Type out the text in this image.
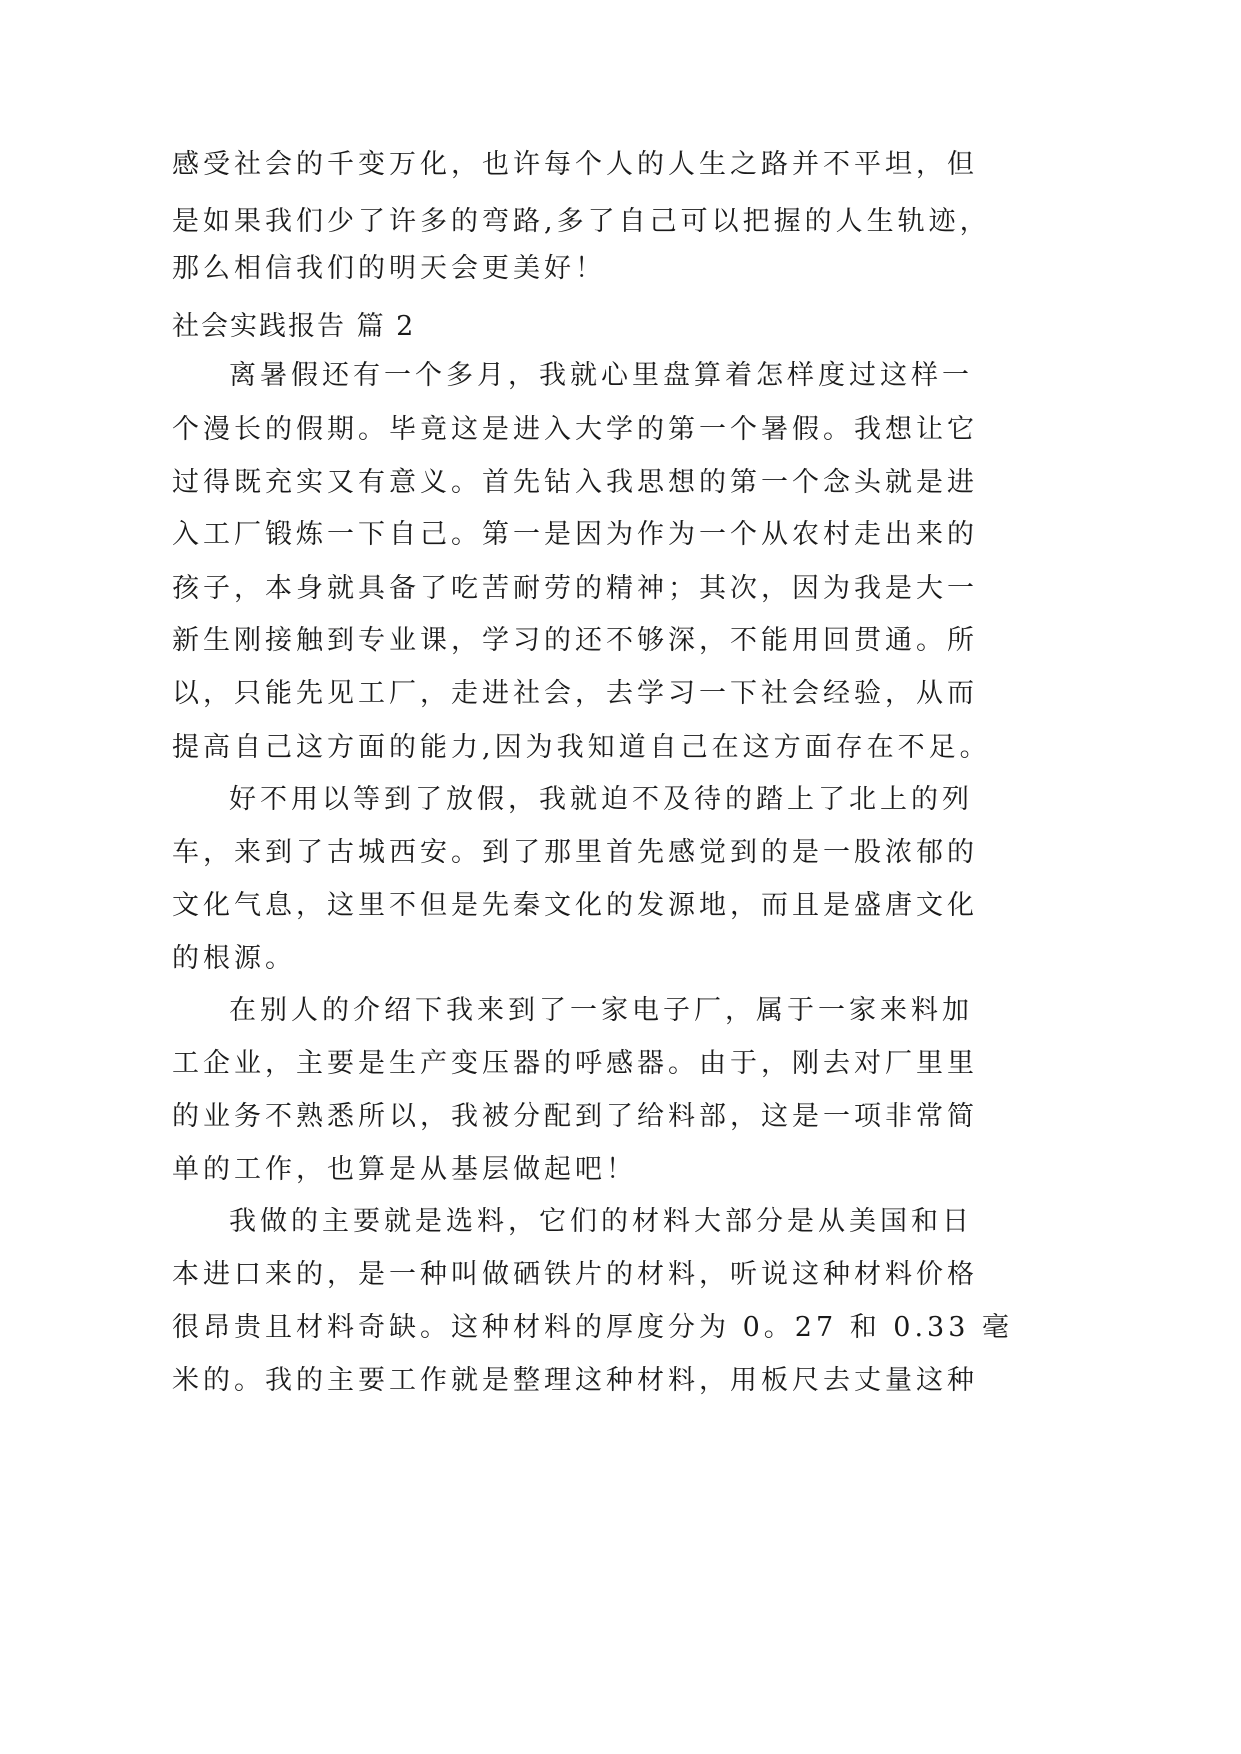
感受社会的千变万化，也许每个人的人生之路并不平坦，但
是如果我们少了许多的弯路,多了自己可以把握的人生轨迹，
那么相信我们的明天会更美好！
社会实践报告 篇 2
离暑假还有一个多月，我就心里盘算着怎样度过这样一
个漫长的假期。毕竟这是进入大学的第一个暑假。我想让它
过得既充实又有意义。首先钻入我思想的第一个念头就是进
入工厂锻炼一下自己。第一是因为作为一个从农村走出来的
孩子，本身就具备了吃苦耐劳的精神；其次，因为我是大一
新生刚接触到专业课，学习的还不够深，不能用回贯通。所
以，只能先见工厂，走进社会，去学习一下社会经验，从而
提高自己这方面的能力,因为我知道自己在这方面存在不足。
好不用以等到了放假，我就迫不及待的踏上了北上的列
车，来到了古城西安。到了那里首先感觉到的是一股浓郁的
文化气息，这里不但是先秦文化的发源地，而且是盛唐文化
的根源。
在别人的介绍下我来到了一家电子厂，属于一家来料加
工企业，主要是生产变压器的呼感器。由于，刚去对厂里里
的业务不熟悉所以，我被分配到了给料部，这是一项非常简
单的工作，也算是从基层做起吧！
我做的主要就是选料，它们的材料大部分是从美国和日
本进口来的，是一种叫做硒铁片的材料，听说这种材料价格
很昂贵且材料奇缺。这种材料的厚度分为 0。27 和 0.33 毫
米的。我的主要工作就是整理这种材料，用板尺去丈量这种
